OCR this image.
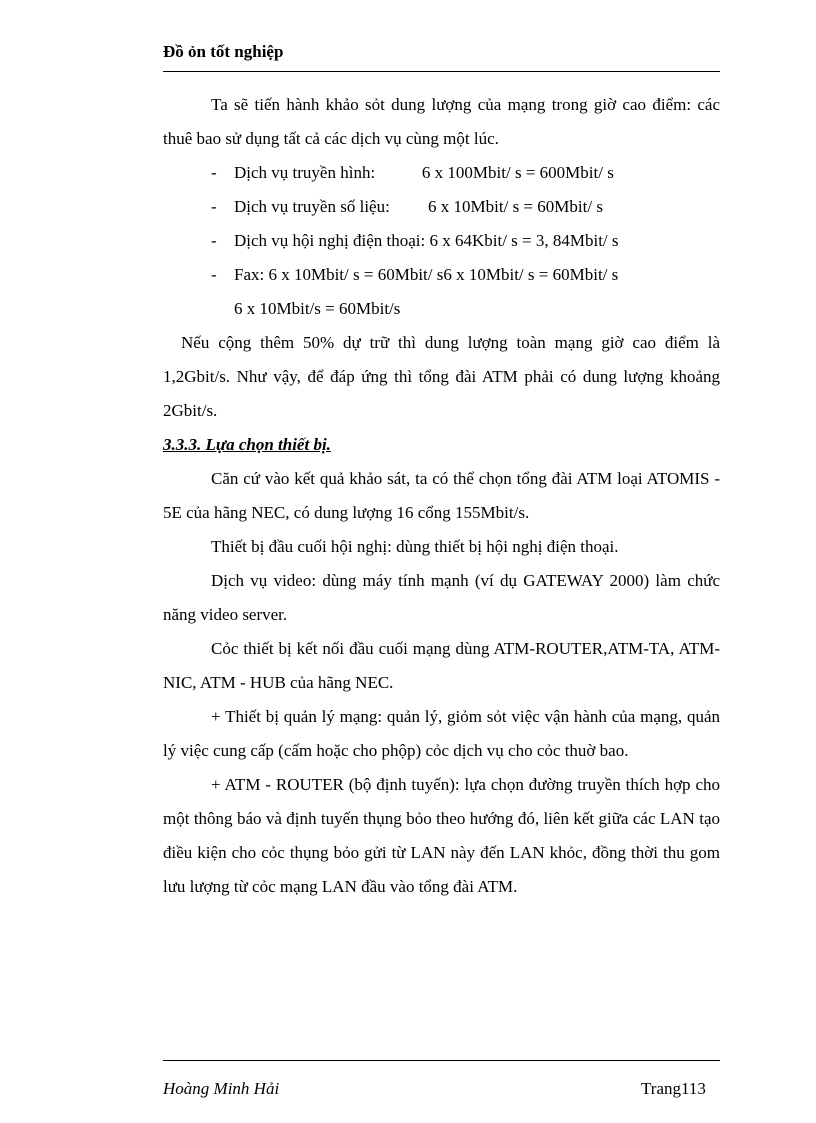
Đồ ỏn tốt nghiệp

Ta sẽ tiến hành khảo sỏt dung lượng của mạng trong giờ cao điểm: các thuê bao sử dụng tất cả các dịch vụ cùng một lúc.

-	Dịch vụ truyền hình:           6 x 100Mbit/ s = 600Mbit/ s
-	Dịch vụ truyền số liệu:         6 x 10Mbit/ s = 60Mbit/ s
-	Dịch vụ hội nghị điện thoại: 6 x 64Kbit/ s = 3, 84Mbit/ s
-	Fax: 6 x 10Mbit/ s = 60Mbit/ s6 x 10Mbit/ s = 60Mbit/ s

6 x 10Mbit/s = 60Mbit/s

Nếu cộng thêm 50% dự trữ thì dung lượng toàn mạng giờ cao điểm là 1,2Gbit/s. Như vậy, để đáp ứng thì tổng đài ATM phải có dung lượng khoảng 2Gbit/s.

3.3.3. Lựa chọn thiết bị.

Căn cứ vào kết quả khảo sát, ta có thể chọn tổng đài ATM loại ATOMIS - 5E của hãng NEC, có dung lượng 16 cổng 155Mbit/s.

Thiết bị đầu cuối hội nghị: dùng thiết bị hội nghị điện thoại.

Dịch vụ video: dùng máy tính mạnh (ví dụ GATEWAY 2000) làm chức năng video server.

Cỏc thiết bị kết nối đầu cuối mạng dùng ATM-ROUTER,ATM-TA, ATM-NIC, ATM - HUB của hãng NEC.

+ Thiết bị quản lý mạng: quản lý, giỏm sỏt việc vận hành của mạng, quản lý việc cung cấp (cấm hoặc cho phộp) cỏc dịch vụ cho cỏc thuờ bao.

+ ATM - ROUTER (bộ định tuyến): lựa chọn đường truyền thích hợp cho một thông báo và định tuyến thụng bỏo theo hướng đó, liên kết giữa các LAN tạo điều kiện cho cỏc thụng bỏo gửi từ LAN này đến LAN khỏc, đồng thời thu gom lưu lượng từ cỏc mạng LAN đầu vào tổng đài ATM.

Hoàng Minh Hải	Trang113
